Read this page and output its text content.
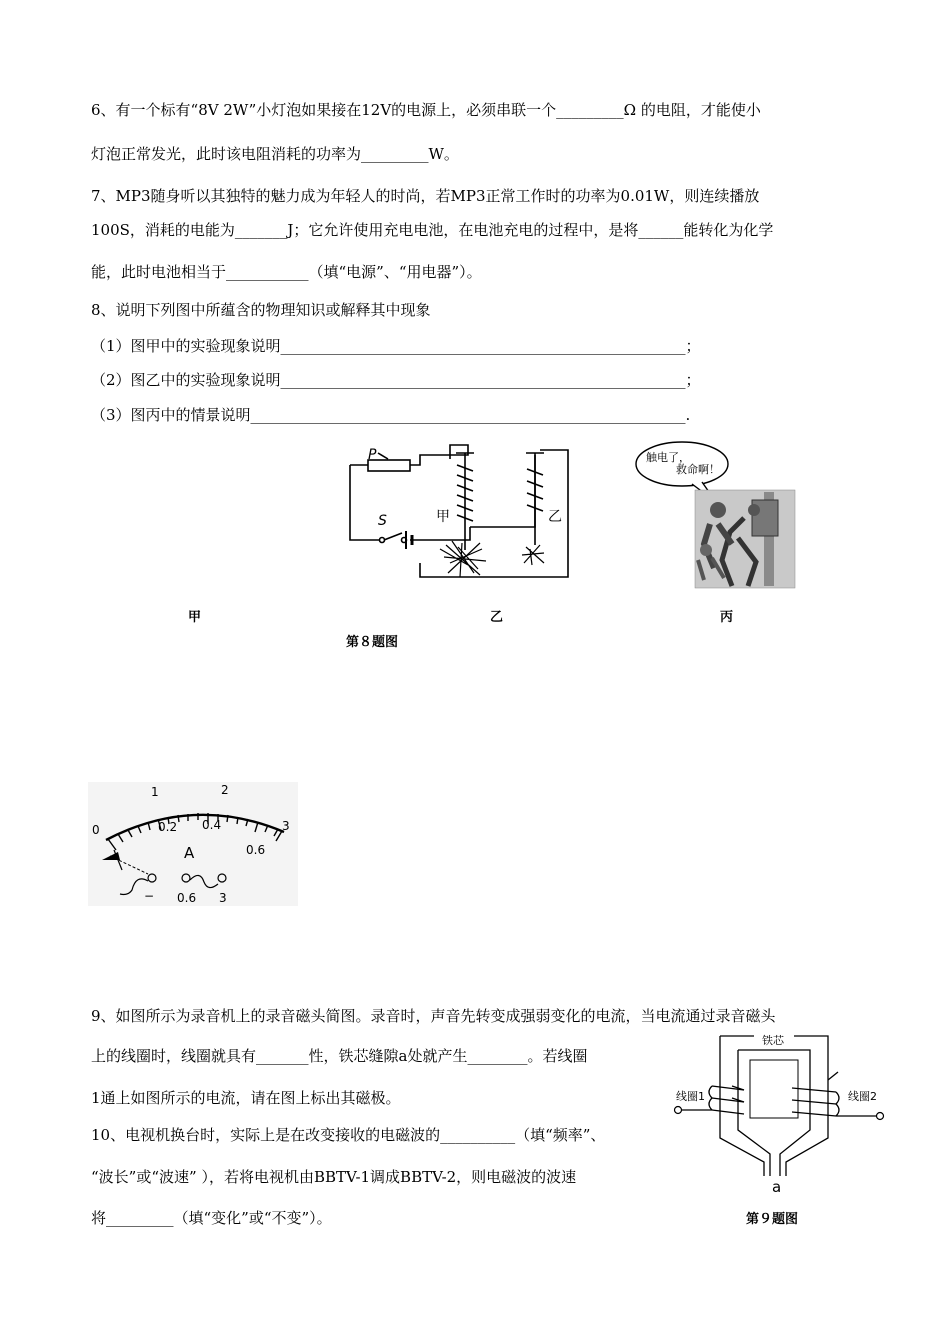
6、有一个标有“8V 2W”小灯泡如果接在12V的电源上，必须串联一个_________Ω 的电阻，才能使小
灯泡正常发光，此时该电阻消耗的功率为_________W。
7、MP3随身听以其独特的魅力成为年轻人的时尚，若MP3正常工作时的功率为0.01W，则连续播放
100S，消耗的电能为_______J；它允许使用充电电池，在电池充电的过程中，是将______能转化为化学
能，此时电池相当于___________（填“电源”、“用电器”）。
8、说明下列图中所蕴含的物理知识或解释其中现象
（1）图甲中的实验现象说明______________________________________________________；
（2）图乙中的实验现象说明______________________________________________________；
（3）图丙中的情景说明__________________________________________________________.
P
S	甲	乙
触电了，
救命啊！
甲	乙	丙
第８题图
0
1	2
3
0.2 0.4
0.6
A
− 0.6 3
9、如图所示为录音机上的录音磁头简图。录音时，声音先转变成强弱变化的电流，当电流通过录音磁头
上的线圈时，线圈就具有_______性，铁芯缝隙a处就产生________。若线圈
1通上如图所示的电流，请在图上标出其磁极。
10、电视机换台时，实际上是在改变接收的电磁波的__________（填“频率”、
“波长”或“波速” ），若将电视机由BBTV-1调成BBTV-2，则电磁波的波速
将_________（填“变化”或“不变”）。
铁芯
线圈1	线圈2
a
第９题图
